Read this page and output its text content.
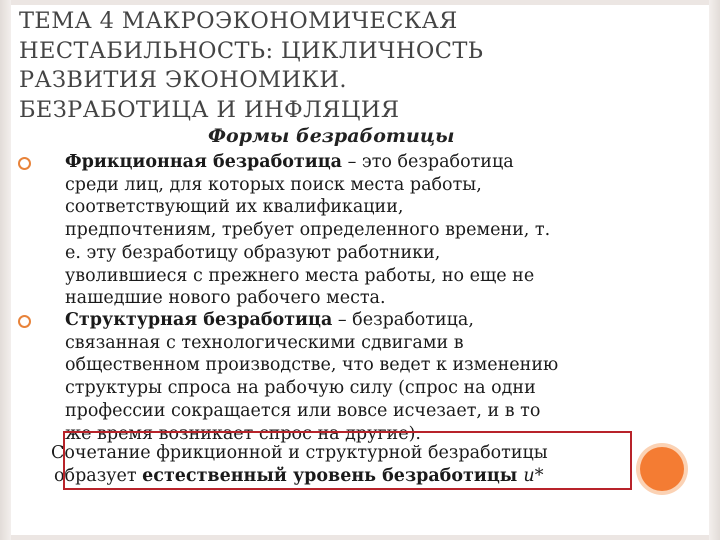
ТЕМА 4 МАКРОЭКОНОМИЧЕСКАЯ
НЕСТАБИЛЬНОСТЬ: ЦИКЛИЧНОСТЬ
РАЗВИТИЯ ЭКОНОМИКИ.
БЕЗРАБОТИЦА И ИНФЛЯЦИЯ
Формы безработицы
Фрикционная безработица – это безработица
среди лиц, для которых поиск места работы,
соответствующий их квалификации,
предпочтениям, требует определенного времени, т.
е. эту безработицу образуют работники,
уволившиеся с прежнего места работы, но еще не
нашедшие нового рабочего места.
Структурная безработица – безработица,
связанная с технологическими сдвигами в
общественном производстве, что ведет к изменению
структуры спроса на рабочую силу (спрос на одни
профессии сокращается или вовсе исчезает, и в то
же время возникает спрос на другие).
Сочетание фрикционной и структурной безработицы
образует естественный уровень безработицы u*
